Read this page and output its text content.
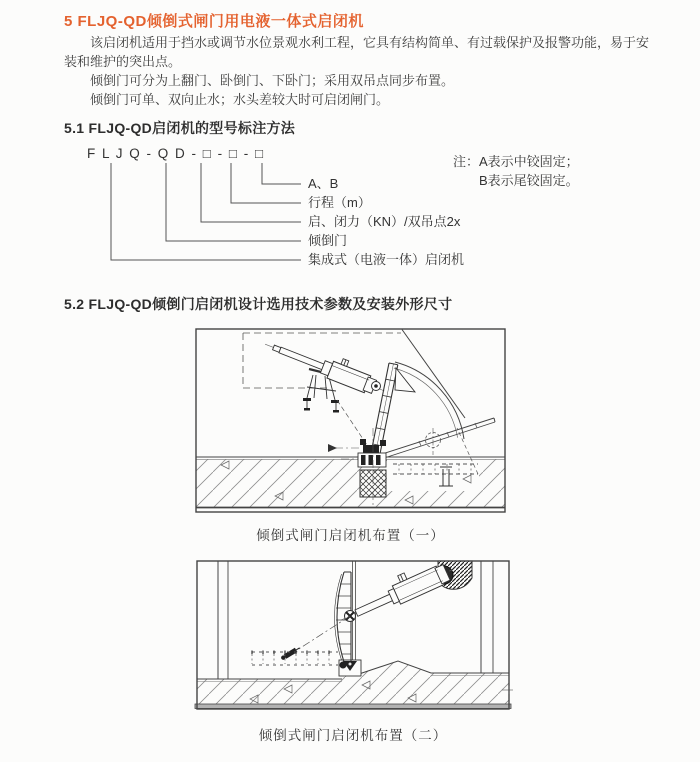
5 FLJQ-QD倾倒式闸门用电液一体式启闭机

该启闭机适用于挡水或调节水位景观水利工程，它具有结构简单、有过载保护及报警功能，易于安装和维护的突出点。

倾倒门可分为上翻门、卧倒门、下卧门；采用双吊点同步布置。

倾倒门可单、双向止水；水头差较大时可启闭闸门。

5.1 FLJQ-QD启闭机的型号标注方法
F L J Q - Q D - □ - □ - □
A、B
行程（m）
启、闭力（KN）/双吊点2x
倾倒门
集成式（电液一体）启闭机
注：A表示中铰固定；
B表示尾铰固定。
5.2 FLJQ-QD倾倒门启闭机设计选用技术参数及安装外形尺寸
倾倒式闸门启闭机布置（一）
倾倒式闸门启闭机布置（二）
